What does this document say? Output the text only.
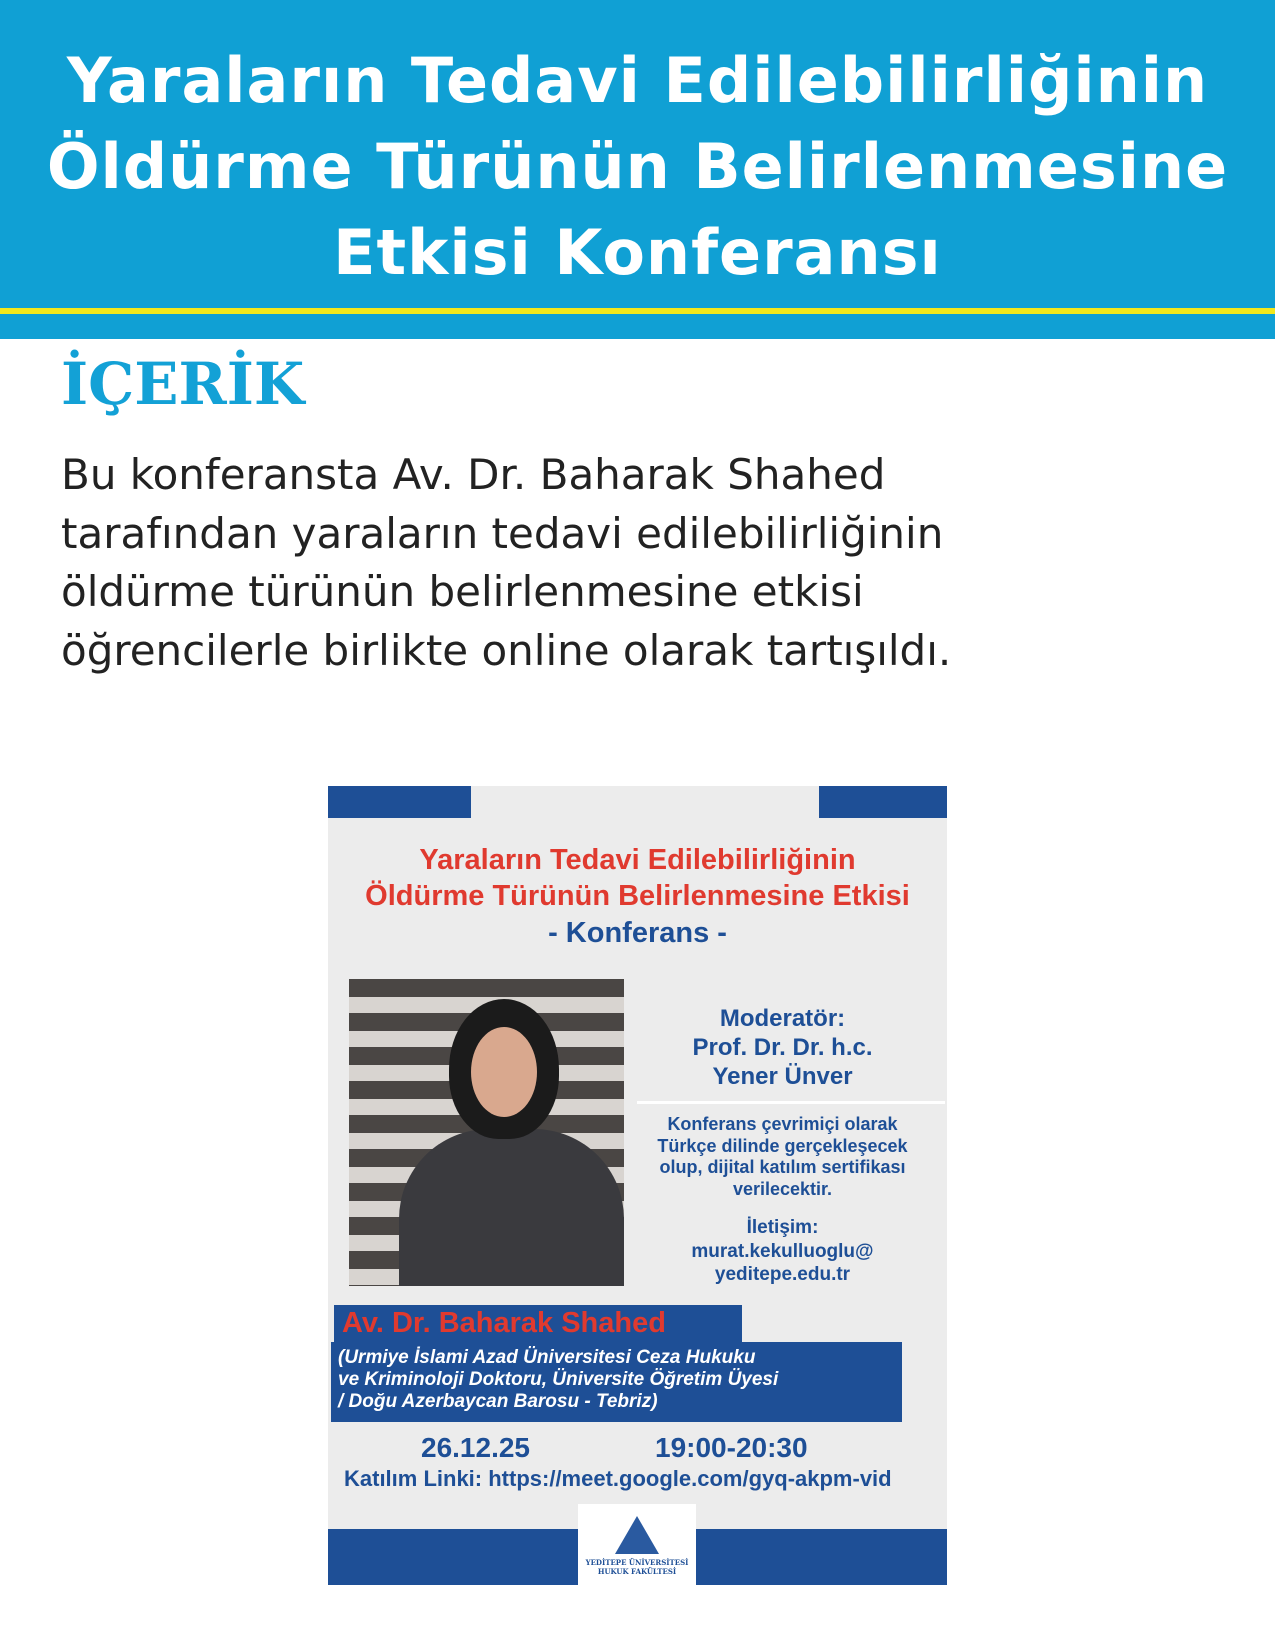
Yaraların Tedavi Edilebilirliğinin
Öldürme Türünün Belirlenmesine
Etkisi Konferansı
İÇERİK
Bu konferansta Av. Dr. Baharak Shahed
tarafından yaraların tedavi edilebilirliğinin
öldürme türünün belirlenmesine etkisi
öğrencilerle birlikte online olarak tartışıldı.
Yaraların Tedavi Edilebilirliğinin
Öldürme Türünün Belirlenmesine Etkisi
- Konferans -
Moderatör:
Prof. Dr. Dr. h.c.
Yener Ünver
Konferans çevrimiçi olarak
Türkçe dilinde gerçekleşecek
olup, dijital katılım sertifikası
verilecektir.
İletişim:
murat.kekulluoglu@
yeditepe.edu.tr
Av. Dr. Baharak Shahed
(Urmiye İslami Azad Üniversitesi Ceza Hukuku
ve Kriminoloji Doktoru, Üniversite Öğretim Üyesi
/ Doğu Azerbaycan Barosu - Tebriz)
26.12.25	19:00-20:30
Katılım Linki: https://meet.google.com/gyq-akpm-vid
YEDİTEPE ÜNİVERSİTESİ
HUKUK FAKÜLTESİ
